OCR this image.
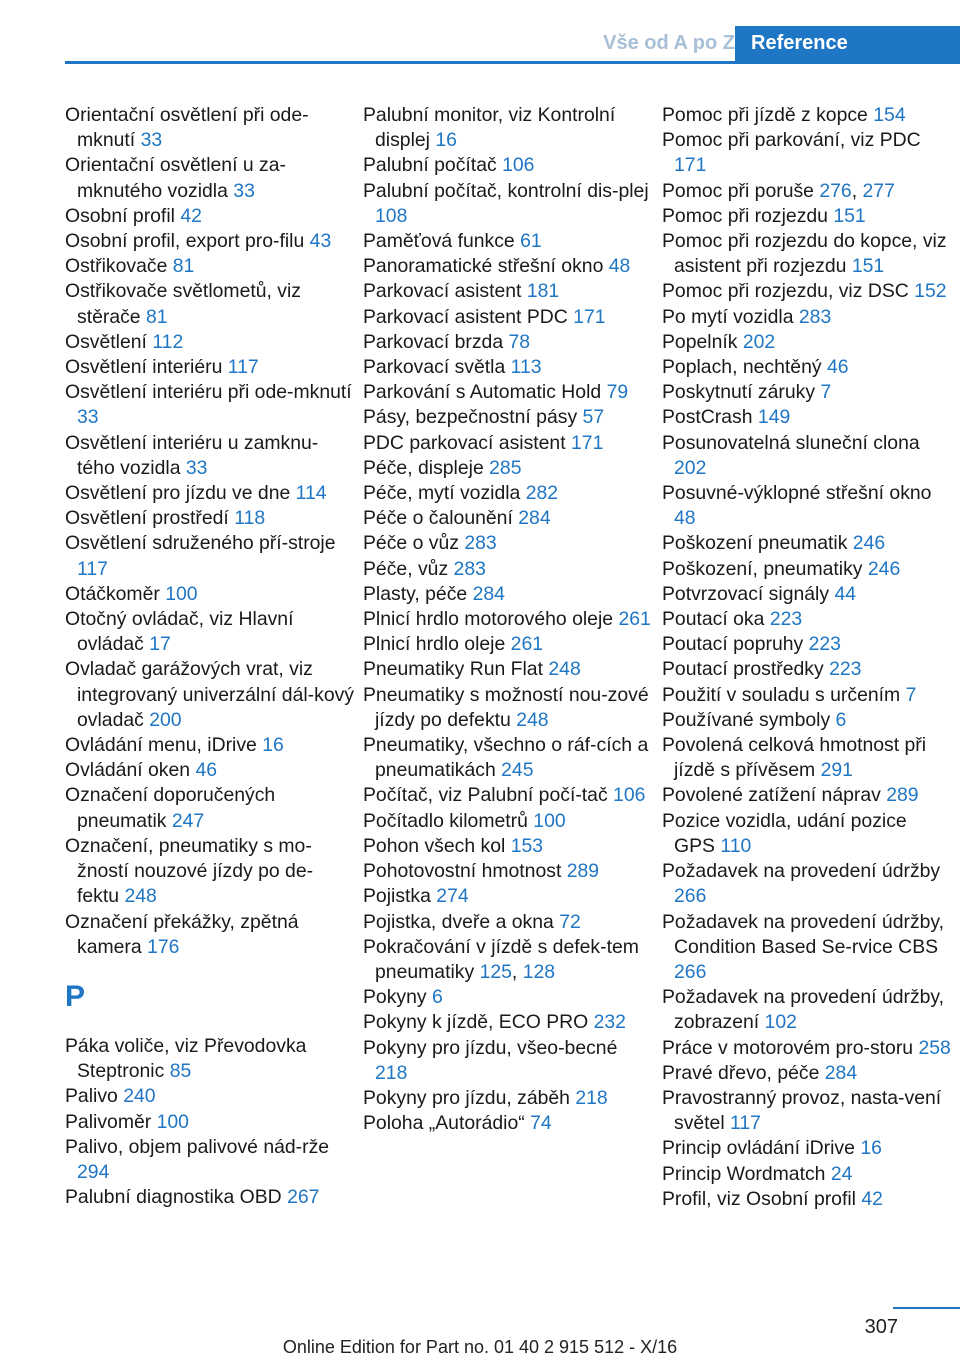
Vše od A po Z Reference
Orientační osvětlení při ode-mknutí 33
Orientační osvětlení u za-mknutého vozidla 33
Osobní profil 42
Osobní profil, export pro-filu 43
Ostřikovače 81
Ostřikovače světlometů, viz stěrače 81
Osvětlení 112
Osvětlení interiéru 117
Osvětlení interiéru při ode-mknutí 33
Osvětlení interiéru u zamknu-tého vozidla 33
Osvětlení pro jízdu ve dne 114
Osvětlení prostředí 118
Osvětlení sdruženého pří-stroje 117
Otáčkoměr 100
Otočný ovládač, viz Hlavní ovládač 17
Ovladač garážových vrat, viz integrovaný univerzální dál-kový ovladač 200
Ovládání menu, iDrive 16
Ovládání oken 46
Označení doporučených pneumatik 247
Označení, pneumatiky s mo-žností nouzové jízdy po de-fektu 248
Označení překážky, zpětná kamera 176
P
Páka voliče, viz Převodovka Steptronic 85
Palivo 240
Palivoměr 100
Palivo, objem palivové nád-rže 294
Palubní diagnostika OBD 267
Palubní monitor, viz Kontrolní displej 16
Palubní počítač 106
Palubní počítač, kontrolní dis-plej 108
Paměťová funkce 61
Panoramatické střešní okno 48
Parkovací asistent 181
Parkovací asistent PDC 171
Parkovací brzda 78
Parkovací světla 113
Parkování s Automatic Hold 79
Pásy, bezpečnostní pásy 57
PDC parkovací asistent 171
Péče, displeje 285
Péče, mytí vozidla 282
Péče o čalounění 284
Péče o vůz 283
Péče, vůz 283
Plasty, péče 284
Plnicí hrdlo motorového oleje 261
Plnicí hrdlo oleje 261
Pneumatiky Run Flat 248
Pneumatiky s možností nou-zové jízdy po defektu 248
Pneumatiky, všechno o ráf-cích a pneumatikách 245
Počítač, viz Palubní počí-tač 106
Počítadlo kilometrů 100
Pohon všech kol 153
Pohotovostní hmotnost 289
Pojistka 274
Pojistka, dveře a okna 72
Pokračování v jízdě s defek-tem pneumatiky 125, 128
Pokyny 6
Pokyny k jízdě, ECO PRO 232
Pokyny pro jízdu, všeo-becné 218
Pokyny pro jízdu, záběh 218
Poloha „Autorádio“ 74
Pomoc při jízdě z kopce 154
Pomoc při parkování, viz PDC 171
Pomoc při poruše 276, 277
Pomoc při rozjezdu 151
Pomoc při rozjezdu do kopce, viz asistent při rozjezdu 151
Pomoc při rozjezdu, viz DSC 152
Po mytí vozidla 283
Popelník 202
Poplach, nechtěný 46
Poskytnutí záruky 7
PostCrash 149
Posunovatelná sluneční clona 202
Posuvné-výklopné střešní okno 48
Poškození pneumatik 246
Poškození, pneumatiky 246
Potvrzovací signály 44
Poutací oka 223
Poutací popruhy 223
Poutací prostředky 223
Použití v souladu s určením 7
Používané symboly 6
Povolená celková hmotnost při jízdě s přívěsem 291
Povolené zatížení náprav 289
Pozice vozidla, udání pozice GPS 110
Požadavek na provedení údržby 266
Požadavek na provedení údržby, Condition Based Se-rvice CBS 266
Požadavek na provedení údržby, zobrazení 102
Práce v motorovém pro-storu 258
Pravé dřevo, péče 284
Pravostranný provoz, nasta-vení světel 117
Princip ovládání iDrive 16
Princip Wordmatch 24
Profil, viz Osobní profil 42
307
Online Edition for Part no. 01 40 2 915 512 - X/16
